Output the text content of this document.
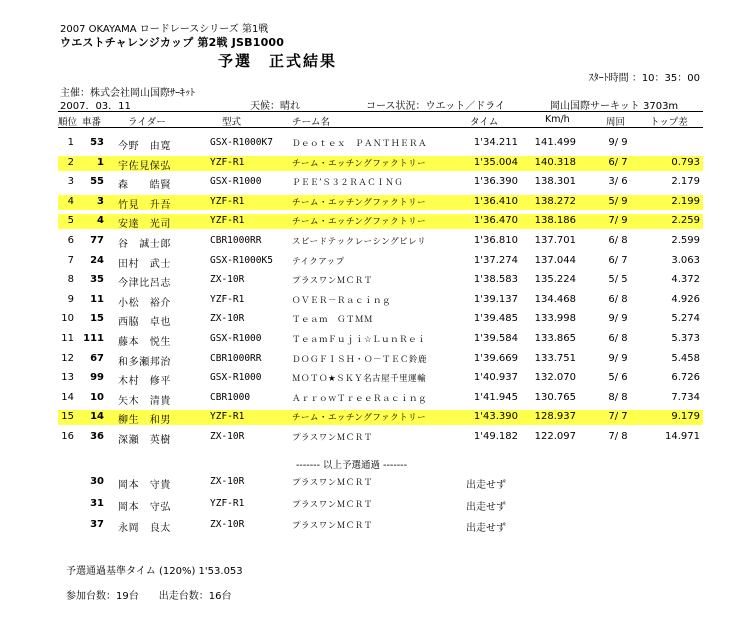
2007 OKAYAMA ロードレースシリーズ 第1戦
ウエストチャレンジカップ 第2戦 JSB1000
予選　正式結果
ｽﾀｰﾄ時間 ：10：35：00
主催：株式会社岡山国際ｻｰｷｯﾄ
2007．03．11	天候：晴れ	コース状況：ウエット／ドライ	岡山国際サーキット 3703m
順位 車番	ライダー	型式	チーム名	タイム	Km/h	周回	トップ差
1	53 今野　由寛	GSX-R1000K7 Ｄｅｏｔｅｘ　ＰＡＮＴＨＥＲＡ	1'34.211	141.499	9/ 9
2	1 宇佐見保弘	YZF-R1	チーム・エッチングファクトリー	1'35.004	140.318	6/ 7	0.793
3	55 森　　皓賢	GSX-R1000	ＰＥＥ’Ｓ３２ＲＡＣＩＮＧ	1'36.390	138.301	3/ 6	2.179
4	3 竹見　升吾	YZF-R1	チーム・エッチングファクトリー	1'36.410	138.272	5/ 9	2.199
5	4 安達　光司	YZF-R1	チーム・エッチングファクトリー	1'36.470	138.186	7/ 9	2.259
6	77 谷　誠士郎	CBR1000RR	スピードテックレーシングピレリ	1'36.810	137.701	6/ 8	2.599
7	24 田村　武士	GSX-R1000K5 テイクアップ	1'37.274	137.044	6/ 7	3.063
8	35 今津比呂志	ZX-10R	プラスワンＭＣＲＴ	1'38.583	135.224	5/ 5	4.372
9	11 小松　裕介	YZF-R1	ＯＶＥＲ－Ｒａｃｉｎｇ	1'39.137	134.468	6/ 8	4.926
10	15 西脇　卓也	ZX-10R	Ｔｅａｍ　ＧＴＭＭ	1'39.485	133.998	9/ 9	5.274
11 111 藤本　悦生	GSX-R1000	ＴｅａｍＦｕｊｉ☆ＬｕｎＲｅｉ	1'39.584	133.865	6/ 8	5.373
12	67 和多瀬邦治	CBR1000RR	ＤＯＧＦＩＳＨ・Ｏ－ＴＥＣ鈴鹿	1'39.669	133.751	9/ 9	5.458
13	99 木村　修平	GSX-R1000	ＭＯＴＯ★ＳＫＹ名古屋千里運輸	1'40.937	132.070	5/ 6	6.726
14	10 矢木　清貴	CBR1000	ＡｒｒｏｗＴｒｅｅＲａｃｉｎｇ	1'41.945	130.765	8/ 8	7.734
15	14 柳生　和男	YZF-R1	チーム・エッチングファクトリー	1'43.390	128.937	7/ 7	9.179
16	36 深瀬　英樹	ZX-10R	プラスワンＭＣＲＴ	1'49.182	122.097	7/ 8	14.971
------- 以上予選通過 -------
30 岡本　守貴	ZX-10R	プラスワンＭＣＲＴ	出走せず
31 岡本　守弘	YZF-R1	プラスワンＭＣＲＴ	出走せず
37 永岡　良太	ZX-10R	プラスワンＭＣＲＴ	出走せず
予選通過基準タイム (120%) 1'53.053
参加台数：19台　　出走台数：16台
